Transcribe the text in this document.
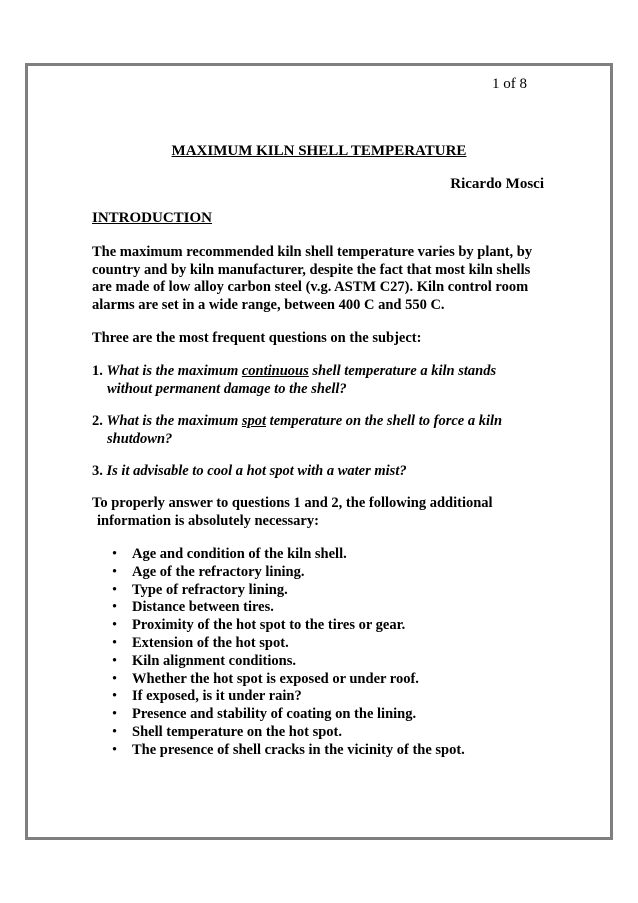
1 of 8
MAXIMUM KILN SHELL TEMPERATURE
Ricardo Mosci
INTRODUCTION
The maximum recommended kiln shell temperature varies by plant, by
country and by kiln manufacturer, despite the fact that most kiln shells
are made of low alloy carbon steel (v.g. ASTM C27). Kiln control room
alarms are set in a wide range, between 400 C and 550 C.
Three are the most frequent questions on the subject:
1. What is the maximum continuous shell temperature a kiln stands
without permanent damage to the shell?
2. What is the maximum spot temperature on the shell to force a kiln
shutdown?
3. Is it advisable to cool a hot spot with a water mist?
To properly answer to questions 1 and 2, the following additional
information is absolutely necessary:
• Age and condition of the kiln shell.
• Age of the refractory lining.
• Type of refractory lining.
• Distance between tires.
• Proximity of the hot spot to the tires or gear.
• Extension of the hot spot.
• Kiln alignment conditions.
• Whether the hot spot is exposed or under roof.
• If exposed, is it under rain?
• Presence and stability of coating on the lining.
• Shell temperature on the hot spot.
• The presence of shell cracks in the vicinity of the spot.
